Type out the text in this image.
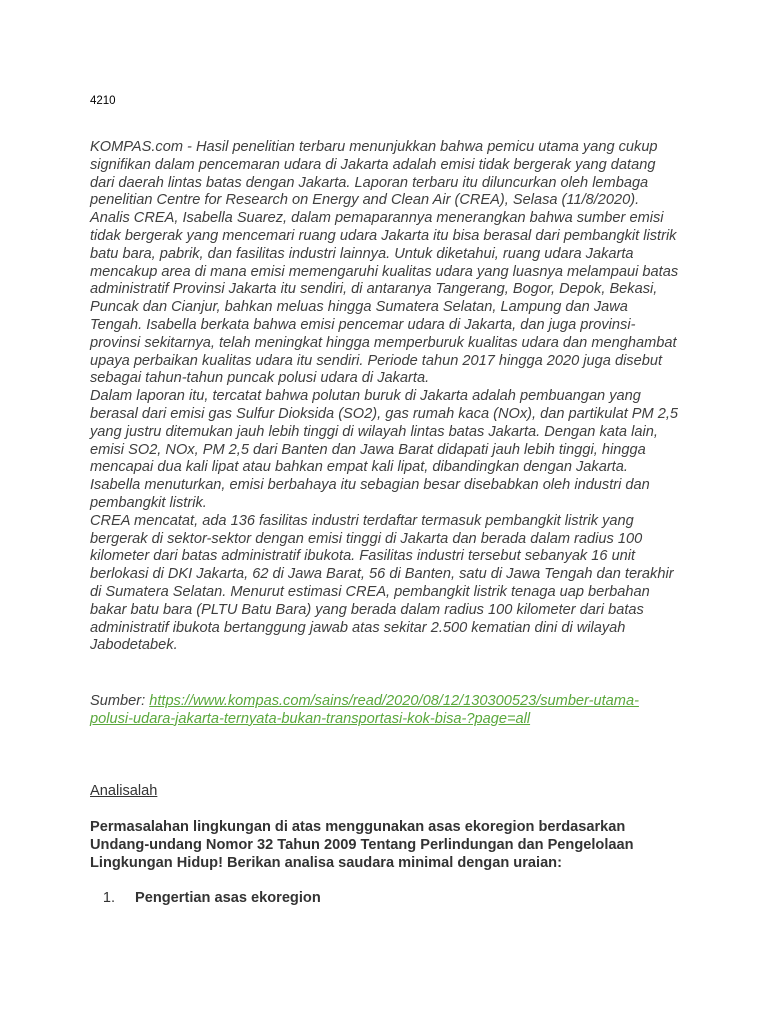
4210

KOMPAS.com - Hasil penelitian terbaru menunjukkan bahwa pemicu utama yang cukup signifikan dalam pencemaran udara di Jakarta adalah emisi tidak bergerak yang datang dari daerah lintas batas dengan Jakarta. Laporan terbaru itu diluncurkan oleh lembaga penelitian Centre for Research on Energy and Clean Air (CREA), Selasa (11/8/2020).

Analis CREA, Isabella Suarez, dalam pemaparannya menerangkan bahwa sumber emisi tidak bergerak yang mencemari ruang udara Jakarta itu bisa berasal dari pembangkit listrik batu bara, pabrik, dan fasilitas industri lainnya. Untuk diketahui, ruang udara Jakarta mencakup area di mana emisi memengaruhi kualitas udara yang luasnya melampaui batas administratif Provinsi Jakarta itu sendiri, di antaranya Tangerang, Bogor, Depok, Bekasi, Puncak dan Cianjur, bahkan meluas hingga Sumatera Selatan, Lampung dan Jawa Tengah. Isabella berkata bahwa emisi pencemar udara di Jakarta, dan juga provinsi-provinsi sekitarnya, telah meningkat hingga memperburuk kualitas udara dan menghambat upaya perbaikan kualitas udara itu sendiri. Periode tahun 2017 hingga 2020 juga disebut sebagai tahun-tahun puncak polusi udara di Jakarta.

Dalam laporan itu, tercatat bahwa polutan buruk di Jakarta adalah pembuangan yang berasal dari emisi gas Sulfur Dioksida (SO2), gas rumah kaca (NOx), dan partikulat PM 2,5 yang justru ditemukan jauh lebih tinggi di wilayah lintas batas Jakarta. Dengan kata lain, emisi SO2, NOx, PM 2,5 dari Banten dan Jawa Barat didapati jauh lebih tinggi, hingga mencapai dua kali lipat atau bahkan empat kali lipat, dibandingkan dengan Jakarta. Isabella menuturkan, emisi berbahaya itu sebagian besar disebabkan oleh industri dan pembangkit listrik.

CREA mencatat, ada 136 fasilitas industri terdaftar termasuk pembangkit listrik yang bergerak di sektor-sektor dengan emisi tinggi di Jakarta dan berada dalam radius 100 kilometer dari batas administratif ibukota. Fasilitas industri tersebut sebanyak 16 unit berlokasi di DKI Jakarta, 62 di Jawa Barat, 56 di Banten, satu di Jawa Tengah dan terakhir di Sumatera Selatan. Menurut estimasi CREA, pembangkit listrik tenaga uap berbahan bakar batu bara (PLTU Batu Bara) yang berada dalam radius 100 kilometer dari batas administratif ibukota bertanggung jawab atas sekitar 2.500 kematian dini di wilayah Jabodetabek.

Sumber: https://www.kompas.com/sains/read/2020/08/12/130300523/sumber-utama-polusi-udara-jakarta-ternyata-bukan-transportasi-kok-bisa-?page=all
Analisalah
Permasalahan lingkungan di atas menggunakan asas ekoregion berdasarkan Undang-undang Nomor 32 Tahun 2009 Tentang Perlindungan dan Pengelolaan Lingkungan Hidup! Berikan analisa saudara minimal dengan uraian:
1.	Pengertian asas ekoregion
